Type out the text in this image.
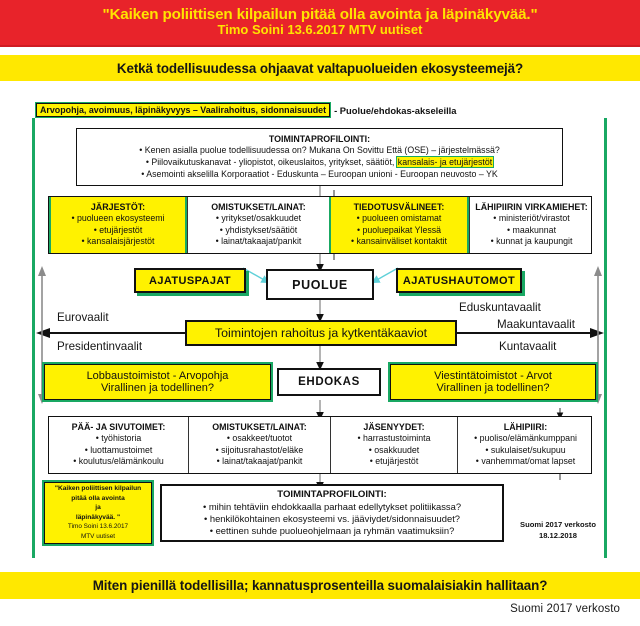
"Kaiken poliittisen kilpailun pitää olla avointa ja läpinäkyvää."
Timo Soini 13.6.2017 MTV uutiset
Ketkä todellisuudessa ohjaavat valtapuolueiden ekosysteemejä?
Arvopohja, avoimuus, läpinäkyvyys – Vaalirahoitus, sidonnaisuudet - Puolue/ehdokas-akseleilla
TOIMINTAPROFILOINTI:
• Kenen asialla puolue todellisuudessa on? Mukana On Sovittu Että (OSE) – järjestelmässä?
• Piilovaikutuskanavat - yliopistot, oikeuslaitos, yritykset, säätiöt, kansalais- ja etujärjestöt
• Asemointi akselilla Korporaatiot - Eduskunta – Euroopan unioni - Euroopan neuvosto – YK
JÄRJESTÖT:
• puolueen ekosysteemi
• etujärjestöt
• kansalaisjärjestöt
OMISTUKSET/LAINAT:
• yritykset/osakkuudet
• yhdistykset/säätiöt
• lainat/takaajat/pankit
TIEDOTUSVÄLINEET:
• puolueen omistamat
• puoluepaikat Ylessä
• kansainväliset kontaktit
LÄHIPIIRIN VIRKAMIEHET:
• ministeriöt/virastot
• maakunnat
• kunnat ja kaupungit
AJATUSPAJAT	PUOLUE	AJATUSHAUTOMOT
Eurovaalit
Presidentinvaalit
Eduskuntavaalit
Maakuntavaalit
Kuntavaalit
Toimintojen rahoitus ja kytkentäkaaviot
Lobbaustoimistot - Arvopohja
Virallinen ja todellinen?	EHDOKAS	Viestintätoimistot - Arvot
Virallinen ja todellinen?
PÄÄ- JA SIVUTOIMET:
• työhistoria
• luottamustoimet
• koulutus/elämänkoulu
OMISTUKSET/LAINAT:
• osakkeet/tuotot
• sijoitusrahastot/eläke
• lainat/takaajat/pankit
JÄSENYYDET:
• harrastustoiminta
• osakkuudet
• etujärjestöt
LÄHIPIIRI:
• puoliso/elämänkumppani
• sukulaiset/sukupuu
• vanhemmat/omat lapset
"Kaiken poliittisen kilpailun
pitää olla avointa
ja
läpinäkyvää. "
Timo Soini 13.6.2017
MTV uutiset
TOIMINTAPROFILOINTI:
• mihin tehtäviin ehdokkaalla parhaat edellytykset politiikassa?
• henkilökohtainen ekosysteemi vs. jääviydet/sidonnaisuudet?
• eettinen suhde puolueohjelmaan ja ryhmän vaatimuksiin?
Suomi 2017 verkosto
18.12.2018
Miten pienillä todellisilla; kannatusprosenteilla suomalaisiakin hallitaan?
Suomi 2017 verkosto
